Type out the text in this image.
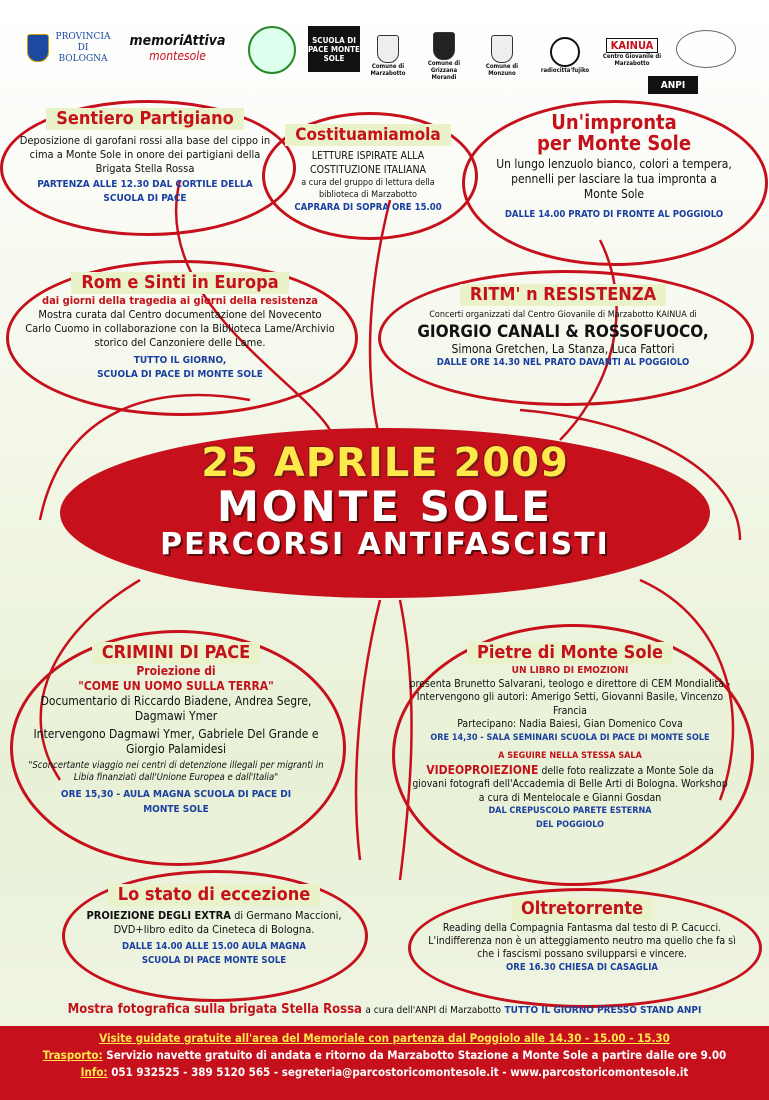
PROVINCIA DI BOLOGNA
memoriAttiva
montesole
SCUOLA DI PACE MONTE SOLE
Comune di Marzabotto
Comune di Grizzana Morandi
Comune di Monzuno	radiocitta'fujiko
KAINUA
Centro Giovanile di Marzabotto
ANPI
Sentiero Partigiano
Deposizione di garofani rossi alla base del cippo in cima a Monte Sole in onore dei partigiani della Brigata Stella Rossa
PARTENZA ALLE 12.30 DAL CORTILE DELLA SCUOLA DI PACE
Costituamiamola
LETTURE ISPIRATE ALLA COSTITUZIONE ITALIANA
a cura del gruppo di lettura della biblioteca di Marzabotto
CAPRARA DI SOPRA ORE 15.00
Un'impronta
per Monte Sole
Un lungo lenzuolo bianco, colori a tempera, pennelli per lasciare la tua impronta a Monte Sole
DALLE 14.00 PRATO DI FRONTE AL POGGIOLO
Rom e Sinti in Europa
dai giorni della tragedia ai giorni della resistenza
Mostra curata dal Centro documentazione del Novecento Carlo Cuomo in collaborazione con la Biblioteca Lame/Archivio storico del Canzoniere delle Lame.
TUTTO IL GIORNO,
SCUOLA DI PACE DI MONTE SOLE
RITM' n RESISTENZA
Concerti organizzati dal Centro Giovanile di Marzabotto KAINUA di
GIORGIO CANALI & ROSSOFUOCO,
Simona Gretchen, La Stanza, Luca Fattori
DALLE ORE 14.30 NEL PRATO DAVANTI AL POGGIOLO
25 APRILE 2009
MONTE SOLE
PERCORSI ANTIFASCISTI
CRIMINI DI PACE
Proiezione di
"COME UN UOMO SULLA TERRA"
Documentario di Riccardo Biadene, Andrea Segre, Dagmawi Ymer
Intervengono Dagmawi Ymer, Gabriele Del Grande e Giorgio Palamidesi
"Sconcertante viaggio nei centri di detenzione illegali per migranti in Libia finanziati dall'Unione Europea e dall'Italia"
ORE 15,30 - AULA MAGNA SCUOLA DI PACE DI MONTE SOLE
Pietre di Monte Sole
UN LIBRO DI EMOZIONI
presenta Brunetto Salvarani, teologo e direttore di CEM Mondialità - Intervengono gli autori: Amerigo Setti, Giovanni Basile, Vincenzo Francia
Partecipano: Nadia Baiesi, Gian Domenico Cova
ORE 14,30 - SALA SEMINARI SCUOLA DI PACE DI MONTE SOLE
A SEGUIRE NELLA STESSA SALA
VIDEOPROIEZIONE delle foto realizzate a Monte Sole da giovani fotografi dell'Accademia di Belle Arti di Bologna. Workshop a cura di Mentelocale e Gianni Gosdan
DAL CREPUSCOLO PARETE ESTERNA DEL POGGIOLO
Lo stato di eccezione
PROIEZIONE DEGLI EXTRA di Germano Maccioni, DVD+libro edito da Cineteca di Bologna.
DALLE 14.00 ALLE 15.00 AULA MAGNA SCUOLA DI PACE MONTE SOLE
Oltretorrente
Reading della Compagnia Fantasma dal testo di P. Cacucci. L'indifferenza non è un atteggiamento neutro ma quello che fa sì che i fascismi possano svilupparsi e vincere.
ORE 16.30 CHIESA DI CASAGLIA
Mostra fotografica sulla brigata Stella Rossa a cura dell'ANPI di Marzabotto TUTTO IL GIORNO PRESSO STAND ANPI
Visite guidate gratuite all'area del Memoriale con partenza dal Poggiolo alle 14.30 - 15.00 - 15.30
Trasporto: Servizio navette gratuito di andata e ritorno da Marzabotto Stazione a Monte Sole a partire dalle ore 9.00
Info: 051 932525 - 389 5120 565 - segreteria@parcostoricomontesole.it - www.parcostoricomontesole.it
